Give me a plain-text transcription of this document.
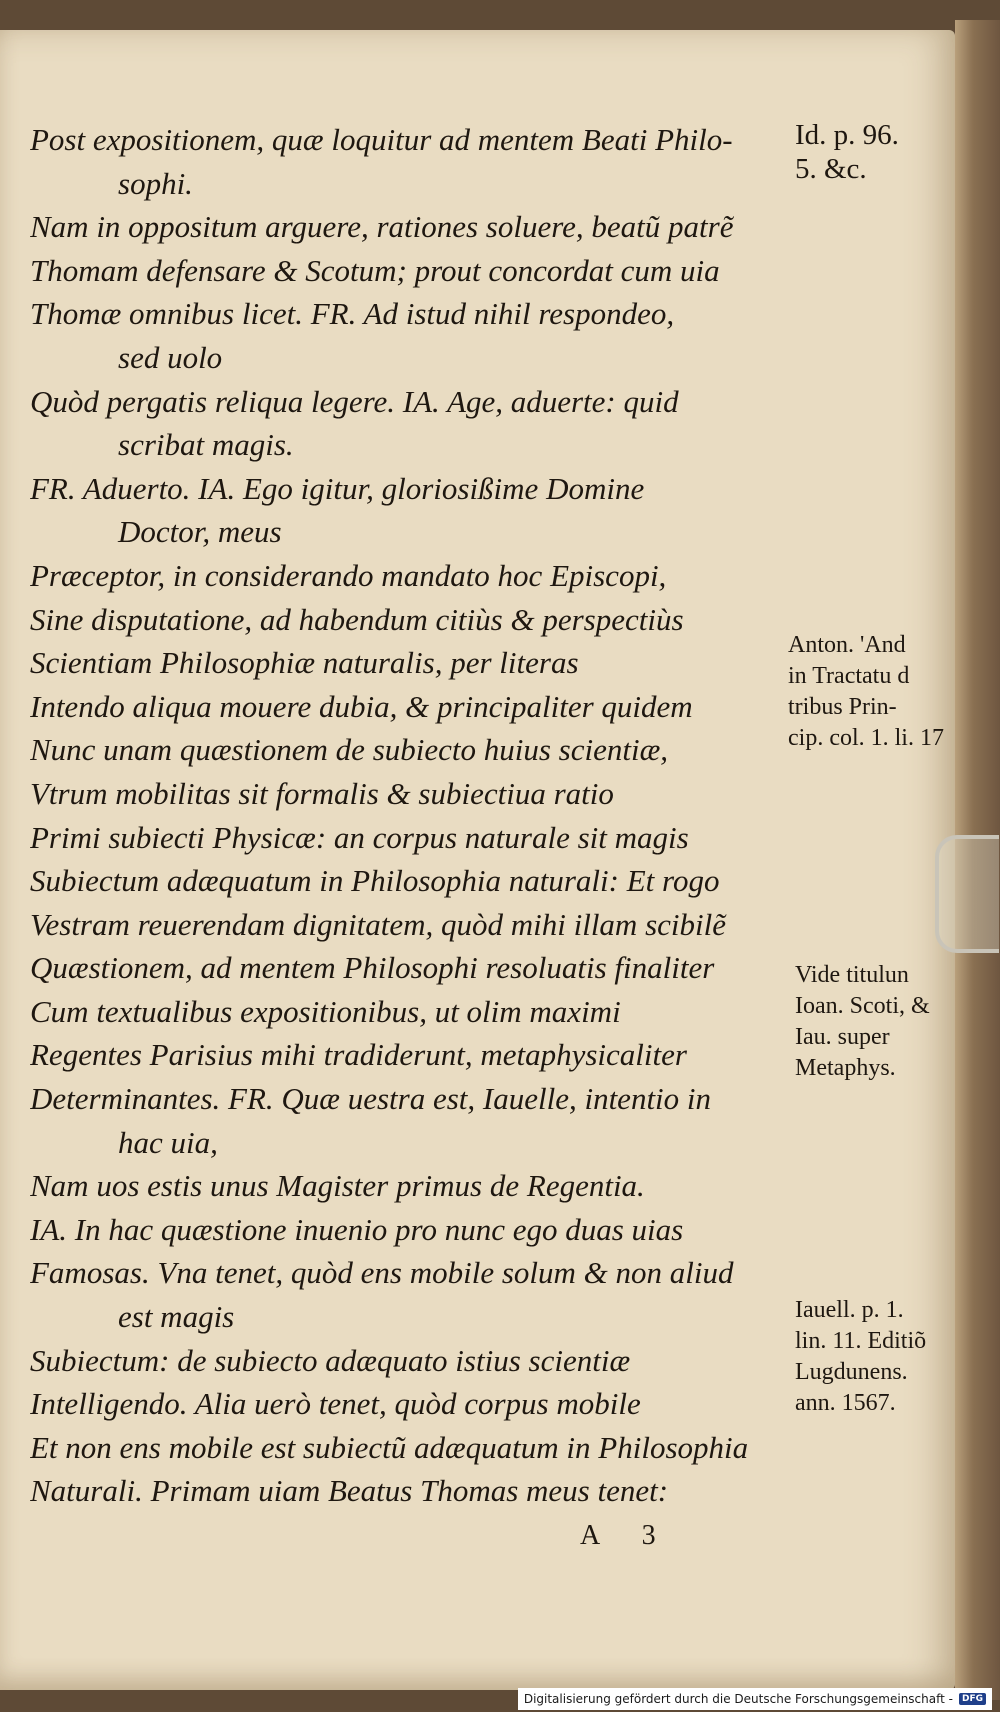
Post expositionem, quæ loquitur ad mentem Beati Philo-
sophi.
Nam in oppositum arguere, rationes soluere, beatũ patrẽ
Thomam defensare & Scotum; prout concordat cum uia
Thomæ omnibus licet. FR. Ad istud nihil respondeo,
sed uolo
Quòd pergatis reliqua legere. IA. Age, aduerte: quid
scribat magis.
FR. Aduerto. IA. Ego igitur, gloriosißime Domine
Doctor, meus
Præceptor, in considerando mandato hoc Episcopi,
Sine disputatione, ad habendum citiùs & perspectiùs
Scientiam Philosophiæ naturalis, per literas
Intendo aliqua mouere dubia, & principaliter quidem
Nunc unam quæstionem de subiecto huius scientiæ,
Vtrum mobilitas sit formalis & subiectiua ratio
Primi subiecti Physicæ: an corpus naturale sit magis
Subiectum adæquatum in Philosophia naturali: Et rogo
Vestram reuerendam dignitatem, quòd mihi illam scibilẽ
Quæstionem, ad mentem Philosophi resoluatis finaliter
Cum textualibus expositionibus, ut olim maximi
Regentes Parisius mihi tradiderunt, metaphysicaliter
Determinantes. FR. Quæ uestra est, Iauelle, intentio in
hac uia,
Nam uos estis unus Magister primus de Regentia.
IA. In hac quæstione inuenio pro nunc ego duas uias
Famosas. Vna tenet, quòd ens mobile solum & non aliud
est magis
Subiectum: de subiecto adæquato istius scientiæ
Intelligendo. Alia uerò tenet, quòd corpus mobile
Et non ens mobile est subiectũ adæquatum in Philosophia
Naturali. Primam uiam Beatus Thomas meus tenet:
Id. p. 96.
5. &c.
Anton. 'And
in Tractatu d
tribus Prin-
cip. col. 1. li. 17
Vide titulun
Ioan. Scoti, &
Iau. super
Metaphys.
Iauell. p. 1.
lin. 11. Editiõ
Lugdunens.
ann. 1567.
A 3
Digitalisierung gefördert durch die Deutsche Forschungsgemeinschaft -	DFG
